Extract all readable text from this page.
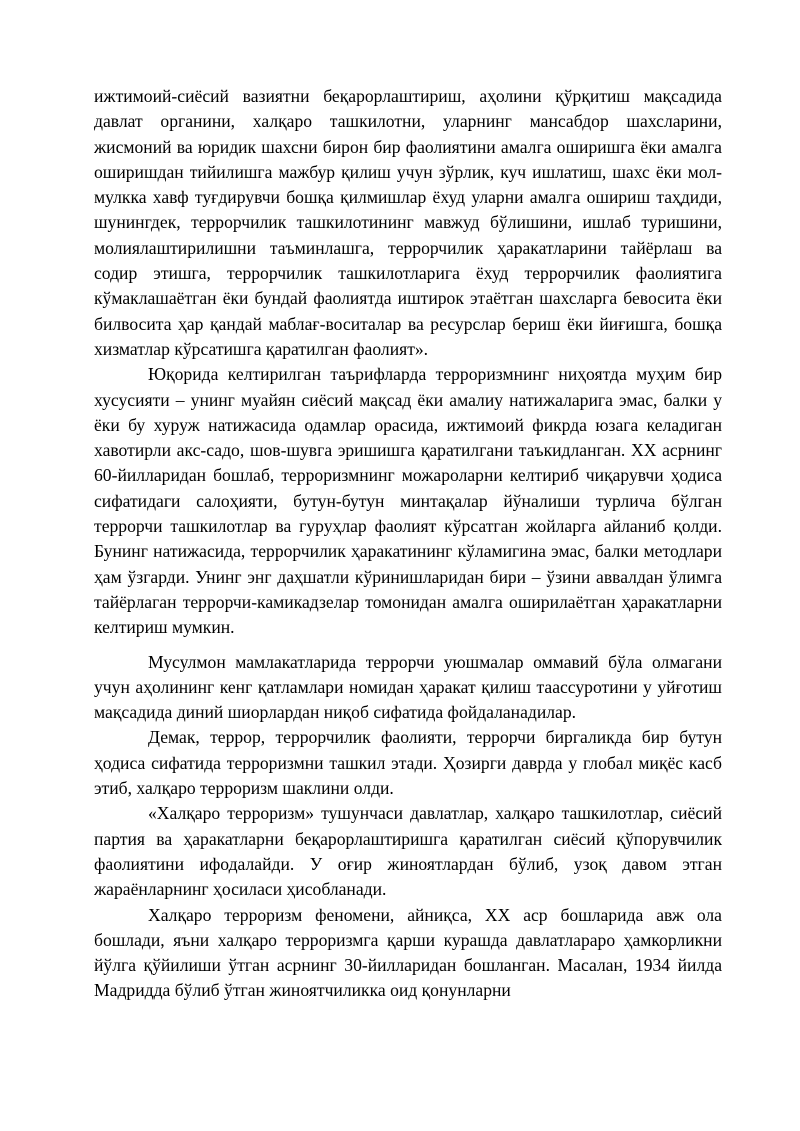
ижтимоий-сиёсий вазиятни беқарорлаштириш, аҳолини қўрқитиш мақсадида давлат органини, халқаро ташкилотни, уларнинг мансабдор шахсларини, жисмоний ва юридик шахсни бирон бир фаолиятини амалга оширишга ёки амалга оширишдан тийилишга мажбур қилиш учун зўрлик, куч ишлатиш, шахс ёки мол-мулкка хавф туғдирувчи бошқа қилмишлар ёхуд уларни амалга ошириш таҳдиди, шунингдек, террорчилик ташкилотининг мавжуд бўлишини, ишлаб туришини, молиялаштирилишни таъминлашга, террорчилик ҳаракатларини тайёрлаш ва содир этишга, террорчилик ташкилотларига ёхуд террорчилик фаолиятига кўмаклашаётган ёки бундай фаолиятда иштирок этаётган шахсларга бевосита ёки билвосита ҳар қандай маблағ-воситалар ва ресурслар бериш ёки йиғишга, бошқа хизматлар кўрсатишга қаратилган фаолият».

Юқорида келтирилган таърифларда терроризмнинг ниҳоятда муҳим бир хусусияти – унинг муайян сиёсий мақсад ёки амалиу натижаларига эмас, балки у ёки бу хуруж натижасида одамлар орасида, ижтимоий фикрда юзага келадиган хавотирли акс-садо, шов-шувга эришишга қаратилгани таъкидланган. XX асрнинг 60-йилларидан бошлаб, терроризмнинг можароларни келтириб чиқарувчи ҳодиса сифатидаги салоҳияти, бутун-бутун минтақалар йўналиши турлича бўлган террорчи ташкилотлар ва гуруҳлар фаолият кўрсатган жойларга айланиб қолди. Бунинг натижасида, террорчилик ҳаракатининг кўламигина эмас, балки методлари ҳам ўзгарди. Унинг энг даҳшатли кўринишларидан бири – ўзини аввалдан ўлимга тайёрлаган террорчи-камикадзелар томонидан амалга оширилаётган ҳаракатларни келтириш мумкин.

Мусулмон мамлакатларида террорчи уюшмалар оммавий бўла олмагани учун аҳолининг кенг қатламлари номидан ҳаракат қилиш таассуротини у уйғотиш мақсадида диний шиорлардан ниқоб сифатида фойдаланадилар.

Демак, террор, террорчилик фаолияти, террорчи биргаликда бир бутун ҳодиса сифатида терроризмни ташкил этади. Ҳозирги даврда у глобал миқёс касб этиб, халқаро терроризм шаклини олди.

«Халқаро терроризм» тушунчаси давлатлар, халқаро ташкилотлар, сиёсий партия ва ҳаракатларни беқарорлаштиришга қаратилган сиёсий қўпорувчилик фаолиятини ифодалайди. У оғир жиноятлардан бўлиб, узоқ давом этган жараёнларнинг ҳосиласи ҳисобланади.

Халқаро терроризм феномени, айниқса, XX аср бошларида авж ола бошлади, яъни халқаро терроризмга қарши курашда давлатлараро ҳамкорликни йўлга қўйилиши ўтган асрнинг 30-йилларидан бошланган. Масалан, 1934 йилда Мадридда бўлиб ўтган жиноятчиликка оид қонунларни
